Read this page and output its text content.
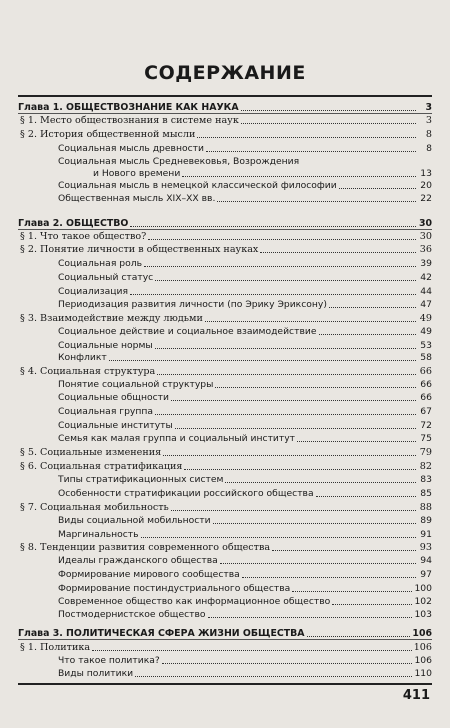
СОДЕРЖАНИЕ
Глава 1. ОБЩЕСТВОЗНАНИЕ КАК НАУКА	3
§ 1. Место обществознания в системе наук	3
§ 2. История общественной мысли	8
Социальная мысль древности	8
Социальная мысль Средневековья, Возрождения
и Нового времени	13
Социальная мысль в немецкой классической философии	20
Общественная мысль XIX–XX вв.	22
Глава 2. ОБЩЕСТВО	30
§ 1. Что такое общество?	30
§ 2. Понятие личности в общественных науках	36
Социальная роль	39
Социальный статус	42
Социализация	44
Периодизация развития личности (по Эрику Эриксону)	47
§ 3. Взаимодействие между людьми	49
Социальное действие и социальное взаимодействие	49
Социальные нормы	53
Конфликт	58
§ 4. Социальная структура	66
Понятие социальной структуры	66
Социальные общности	66
Социальная группа	67
Социальные институты	72
Семья как малая группа и социальный институт	75
§ 5. Социальные изменения	79
§ 6. Социальная стратификация	82
Типы стратификационных систем	83
Особенности стратификации российского общества	85
§ 7. Социальная мобильность	88
Виды социальной мобильности	89
Маргинальность	91
§ 8. Тенденции развития современного общества	93
Идеалы гражданского общества	94
Формирование мирового сообщества	97
Формирование постиндустриального общества	100
Современное общество как информационное общество	102
Постмодернистское общество	103
Глава 3. ПОЛИТИЧЕСКАЯ СФЕРА ЖИЗНИ ОБЩЕСТВА	106
§ 1. Политика	106
Что такое политика?	106
Виды политики	110
411
